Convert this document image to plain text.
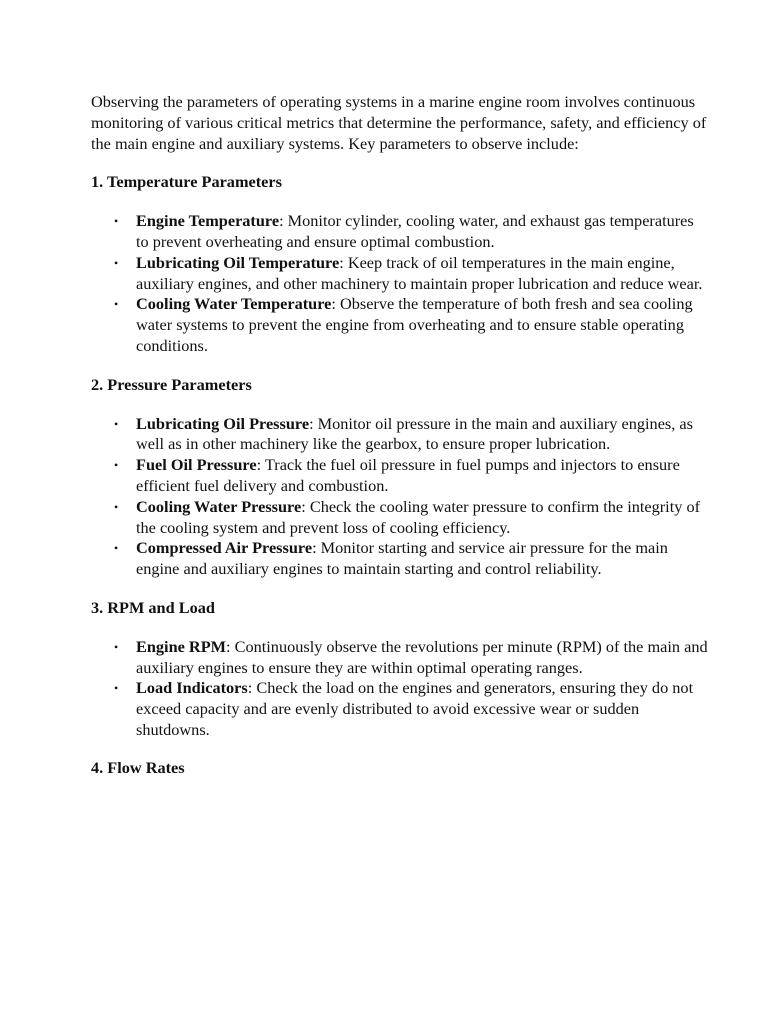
Observing the parameters of operating systems in a marine engine room involves continuous monitoring of various critical metrics that determine the performance, safety, and efficiency of the main engine and auxiliary systems. Key parameters to observe include:

1. Temperature Parameters
• Engine Temperature: Monitor cylinder, cooling water, and exhaust gas temperatures to prevent overheating and ensure optimal combustion.
• Lubricating Oil Temperature: Keep track of oil temperatures in the main engine, auxiliary engines, and other machinery to maintain proper lubrication and reduce wear.
• Cooling Water Temperature: Observe the temperature of both fresh and sea cooling water systems to prevent the engine from overheating and to ensure stable operating conditions.
2. Pressure Parameters
• Lubricating Oil Pressure: Monitor oil pressure in the main and auxiliary engines, as well as in other machinery like the gearbox, to ensure proper lubrication.
• Fuel Oil Pressure: Track the fuel oil pressure in fuel pumps and injectors to ensure efficient fuel delivery and combustion.
• Cooling Water Pressure: Check the cooling water pressure to confirm the integrity of the cooling system and prevent loss of cooling efficiency.
• Compressed Air Pressure: Monitor starting and service air pressure for the main engine and auxiliary engines to maintain starting and control reliability.
3. RPM and Load
• Engine RPM: Continuously observe the revolutions per minute (RPM) of the main and auxiliary engines to ensure they are within optimal operating ranges.
• Load Indicators: Check the load on the engines and generators, ensuring they do not exceed capacity and are evenly distributed to avoid excessive wear or sudden shutdowns.
4. Flow Rates
